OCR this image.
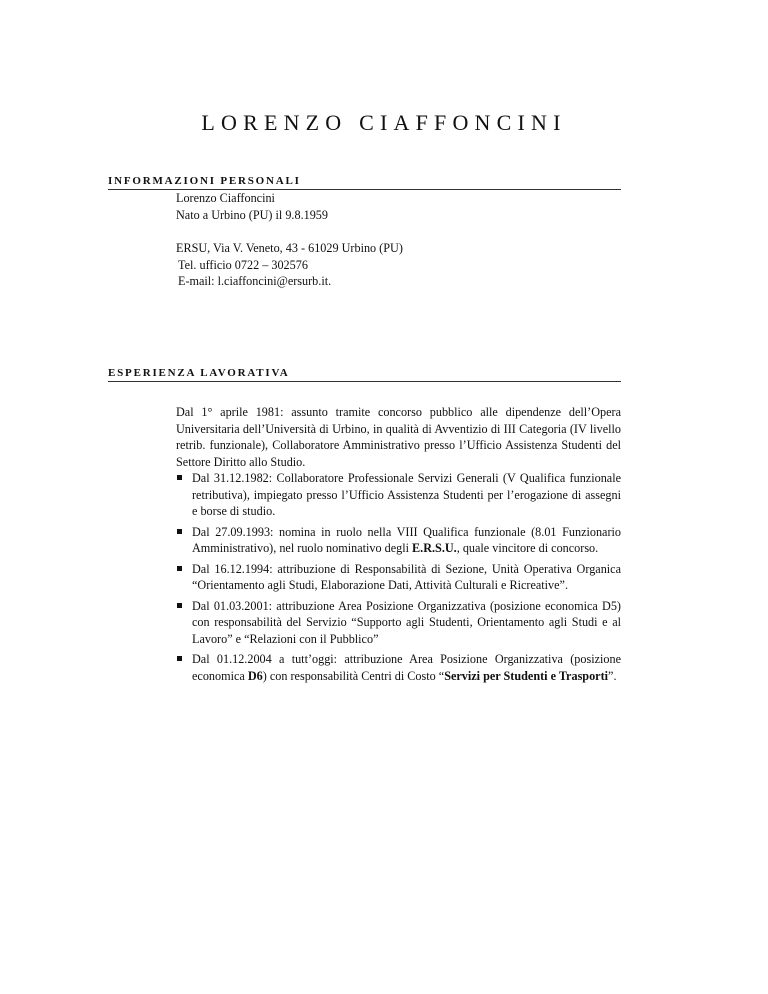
LORENZO CIAFFONCINI
INFORMAZIONI PERSONALI

Lorenzo Ciaffoncini

Nato a Urbino (PU) il 9.8.1959

ERSU, Via V. Veneto, 43 - 61029 Urbino (PU)

Tel. ufficio 0722 – 302576

E-mail: l.ciaffoncini@ersurb.it.

ESPERIENZA LAVORATIVA

Dal 1° aprile 1981: assunto tramite concorso pubblico alle dipendenze dell’Opera Universitaria dell’Università di Urbino, in qualità di Avventizio di III Categoria (IV livello retrib. funzionale), Collaboratore Amministrativo presso l’Ufficio Assistenza Studenti del Settore Diritto allo Studio.

Dal 31.12.1982: Collaboratore Professionale Servizi Generali (V Qualifica funzionale retributiva), impiegato presso l’Ufficio Assistenza Studenti per l’erogazione di assegni e borse di studio.
Dal 27.09.1993: nomina in ruolo nella VIII Qualifica funzionale (8.01 Funzionario Amministrativo), nel ruolo nominativo degli E.R.S.U., quale vincitore di concorso.
Dal 16.12.1994: attribuzione di Responsabilità di Sezione, Unità Operativa Organica “Orientamento agli Studi, Elaborazione Dati, Attività Culturali e Ricreative”.
Dal 01.03.2001: attribuzione Area Posizione Organizzativa (posizione economica D5) con responsabilità del Servizio “Supporto agli Studenti, Orientamento agli Studi e al Lavoro” e “Relazioni con il Pubblico”
Dal 01.12.2004 a tutt’oggi: attribuzione Area Posizione Organizzativa (posizione economica D6) con responsabilità Centri di Costo “Servizi per Studenti e Trasporti”.
